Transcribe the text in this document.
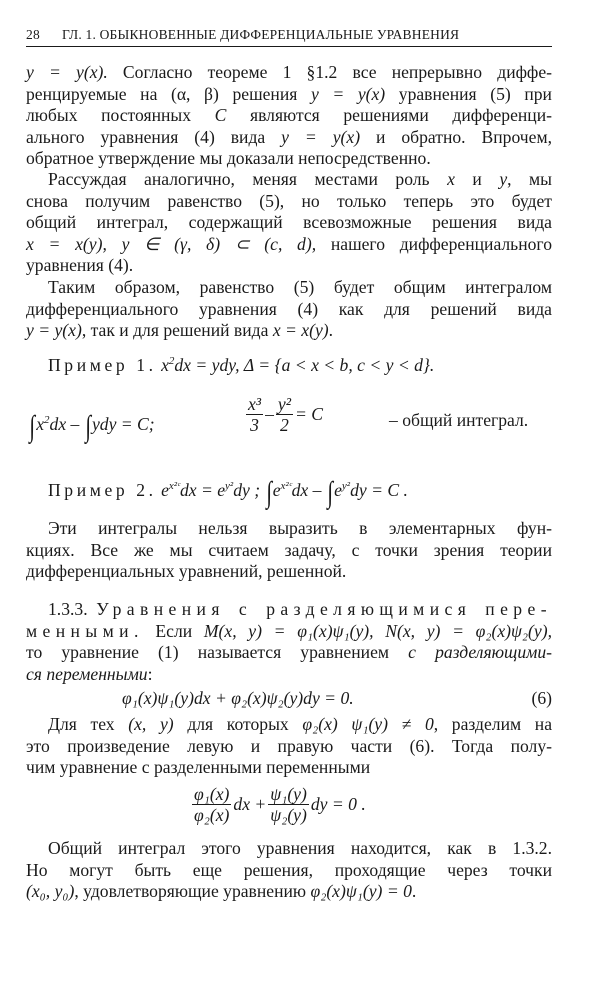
28 ГЛ. 1. ОБЫКНОВЕННЫЕ ДИФФЕРЕНЦИАЛЬНЫЕ УРАВНЕНИЯ
y = y(x). Согласно теореме 1 §1.2 все непрерывно диффе-
ренцируемые на (α, β) решения y = y(x) уравнения (5) при
любых постоянных C являются решениями дифференци-
ального уравнения (4) вида y = y(x) и обратно. Впрочем,
обратное утверждение мы доказали непосредственно.
Рассуждая аналогично, меняя местами роль x и y, мы
снова получим равенство (5), но только теперь это будет
общий интеграл, содержащий всевозможные решения вида
x = x(y), y ∈ (γ, δ) ⊂ (c, d), нашего дифференциального
уравнения (4).
Таким образом, равенство (5) будет общим интегралом
дифференциального уравнения (4) как для решений вида
y = y(x), так и для решений вида x = x(y).
Пример 1. $x^2dx$ = ydy, Δ = {a < x < b, c < y < d}.
$\int x^2dx - \int ydy = C$;	$\frac{\text{x³}}{3} - \frac{\text{y²}}{2} = C$	– общий интеграл.
Пример 2. $e^{x^2ᶜ}dx = e^{y^2}dy$ ; $\int e^{x^2ᶜ}dx - \int e^{y^2}dy = C$ .
Эти интегралы нельзя выразить в элементарных фун-
кциях. Все же мы считаем задачу, с точки зрения теории
дифференциальных уравнений, решенной.
1.3.3. Уравнения с разделяющимися пере-
менными. Если M(x, y) = φ₁(x)ψ₁(y), N(x, y) = φ₂(x)ψ₂(y),
то уравнение (1) называется уравнением с разделяющими-
ся переменными:
φ₁(x)ψ₁(y)dx + φ₂(x)ψ₂(y)dy = 0.	(6)
Для тех (x, y) для которых φ₂(x) ψ₁(y) ≠ 0, разделим на
это произведение левую и правую части (6). Тогда полу-
чим уравнение с разделенными переменными
$\frac{\text{φ₁(x)}}{\text{φ₂(x)}}$ dx + $\frac{\text{ψ₁(y)}}{\text{ψ₂(y)}}$ dy = 0 .
Общий интеграл этого уравнения находится, как в 1.3.2.
Но могут быть еще решения, проходящие через точки
(x₀, y₀), удовлетворяющие уравнению φ₂(x)ψ₁(y) = 0.
